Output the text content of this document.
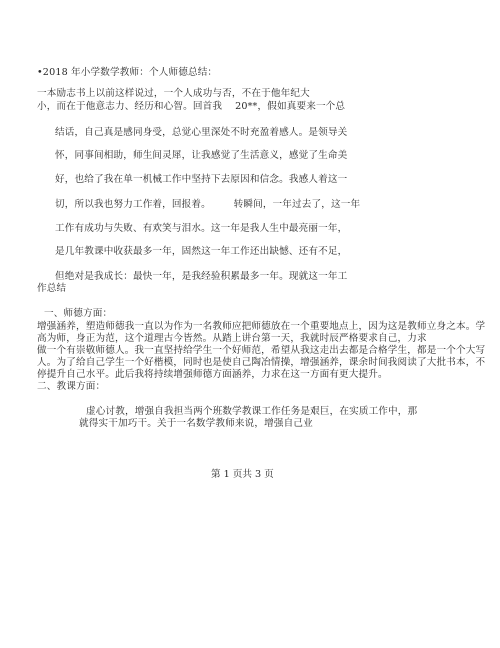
•2018 年小学数学教师：个人师德总结：
一本励志书上以前这样说过，一个人成功与否，不在于他年纪大
小，而在于他意志力、经历和心智。回首我　 20**，假如真要来一个总
结话，自己真是感同身受，总觉心里深处不时充盈着感人。是领导关
怀，同事间相助，师生间灵犀，让我感觉了生活意义，感觉了生命美
好，也给了我在单一机械工作中坚持下去原因和信念。我感人着这一
切，所以我也努力工作着，回报着。 　　转瞬间，一年过去了，这一年
工作有成功与失败、有欢笑与泪水。这一年是我人生中最亮丽一年，
是几年教课中收获最多一年，固然这一年工作还出缺憾、还有不足，
但绝对是我成长：最快一年，是我经验积累最多一年。现就这一年工
作总结
一、师德方面：
增强涵养，塑造师德我一直以为作为一名教师应把师德放在一个重要地点上，因为这是教师立身之本。学
高为师，身正为范，这个道理古今皆然。从踏上讲台第一天，我就时辰严格要求自己，力求
做一个有崇敬师德人。我一直坚持给学生一个好师范，希望从我这走出去都是合格学生，都是一个个大写
人。为了给自己学生一个好楷模，同时也是使自己陶冶情操，增强涵养，课余时间我阅读了大批书本，不
停提升自己水平。此后我将持续增强师德方面涵养，力求在这一方面有更大提升。
二、教课方面：
虚心讨教，增强自我担当两个班数学教课工作任务是艰巨，在实质工作中，那
就得实干加巧干。关于一名数学教师来说，增强自己业
第 1 页共 3 页
